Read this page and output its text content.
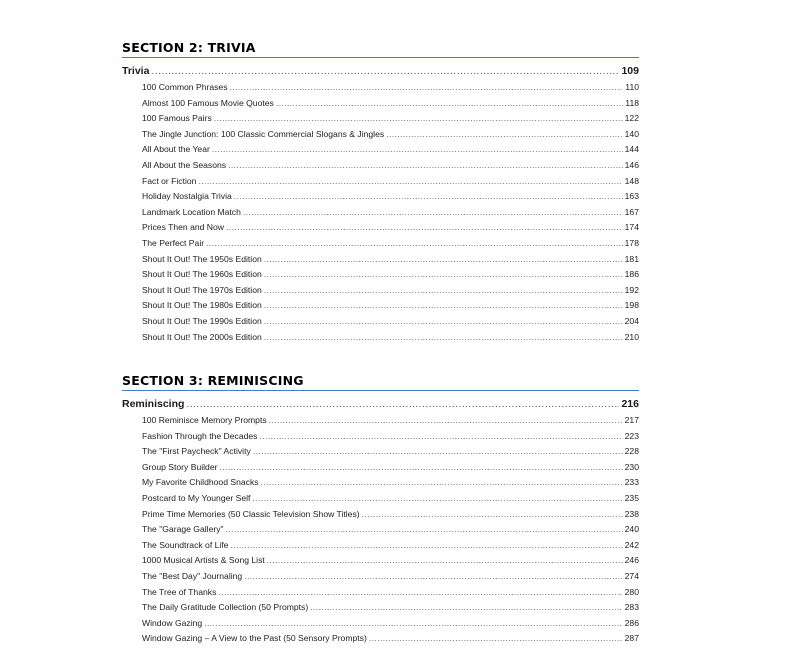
SECTION 2: TRIVIA
Trivia .....	109
100 Common Phrases .....	110
Almost 100 Famous Movie Quotes .....	118
100 Famous Pairs .....	122
The Jingle Junction: 100 Classic Commercial Slogans & Jingles .....	140
All About the Year .....	144
All About the Seasons .....	146
Fact or Fiction .....	148
Holiday Nostalgia Trivia .....	163
Landmark Location Match .....	167
Prices Then and Now .....	174
The Perfect Pair .....	178
Shout It Out! The 1950s Edition .....	181
Shout It Out! The 1960s Edition .....	186
Shout It Out! The 1970s Edition .....	192
Shout It Out! The 1980s Edition .....	198
Shout It Out! The 1990s Edition .....	204
Shout It Out! The 2000s Edition .....	210
SECTION 3: REMINISCING
Reminiscing .....	216
100 Reminisce Memory Prompts .....	217
Fashion Through the Decades .....	223
The "First Paycheck" Activity .....	228
Group Story Builder .....	230
My Favorite Childhood Snacks .....	233
Postcard to My Younger Self .....	235
Prime Time Memories (50 Classic Television Show Titles) .....	238
The "Garage Gallery" .....	240
The Soundtrack of Life .....	242
1000 Musical Artists & Song List .....	246
The "Best Day" Journaling .....	274
The Tree of Thanks .....	280
The Daily Gratitude Collection (50 Prompts) .....	283
Window Gazing .....	286
Window Gazing – A View to the Past (50 Sensory Prompts) .....	287
